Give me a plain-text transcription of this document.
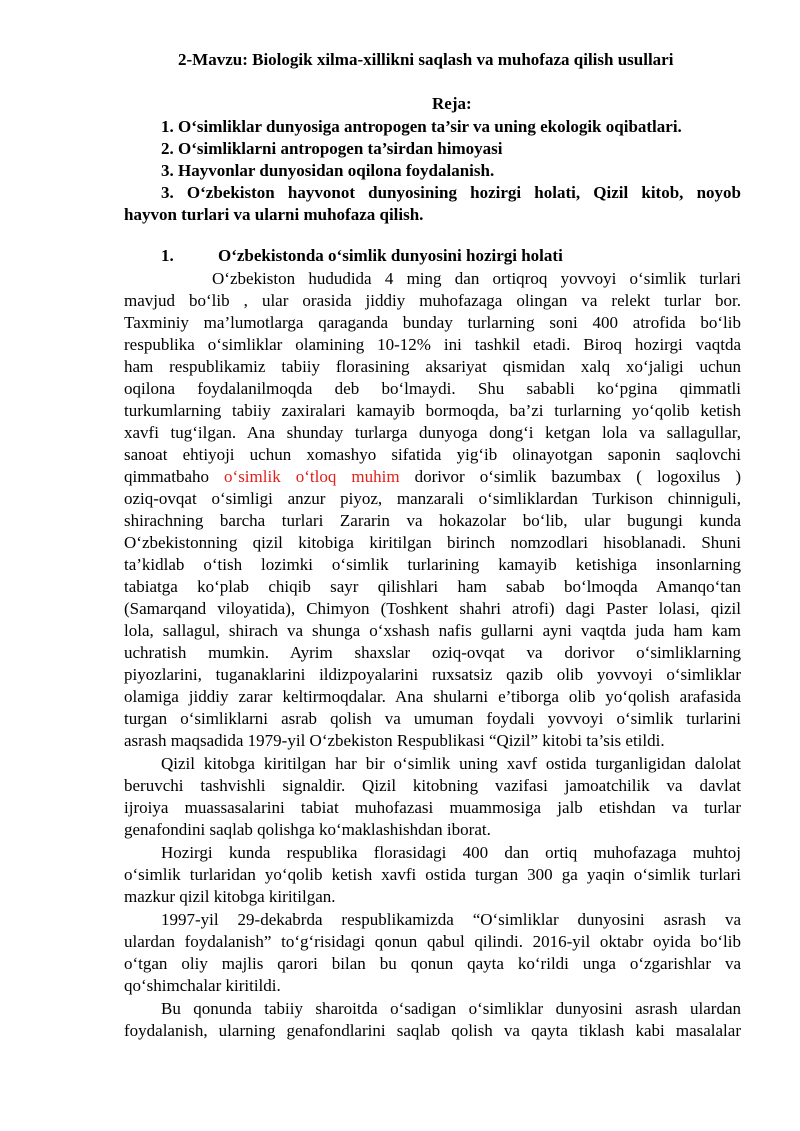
2-Mavzu: Biologik xilma-xillikni saqlash va muhofaza qilish usullari
Reja:
1. O‘simliklar dunyosiga antropogen ta’sir va uning ekologik oqibatlari.
2. O‘simliklarni antropogen ta’sirdan himoyasi
3. Hayvonlar dunyosidan oqilona foydalanish.
3. O‘zbekiston hayvonot dunyosining hozirgi holati, Qizil kitob, noyob
hayvon turlari va ularni muhofaza qilish.
1.	O‘zbekistonda o‘simlik dunyosini hozirgi holati
O‘zbekiston hududida 4 ming dan ortiqroq yovvoyi o‘simlik turlari
mavjud bo‘lib , ular orasida jiddiy muhofazaga olingan va relekt turlar bor.
Taxminiy ma’lumotlarga qaraganda bunday turlarning soni 400 atrofida bo‘lib
respublika o‘simliklar olamining 10-12% ini tashkil etadi. Biroq hozirgi vaqtda
ham respublikamiz tabiiy florasining aksariyat qismidan xalq xo‘jaligi uchun
oqilona foydalanilmoqda deb bo‘lmaydi. Shu sababli ko‘pgina qimmatli
turkumlarning tabiiy zaxiralari kamayib bormoqda, ba’zi turlarning yo‘qolib ketish
xavfi tug‘ilgan. Ana shunday turlarga dunyoga dong‘i ketgan lola va sallagullar,
sanoat ehtiyoji uchun xomashyo sifatida yig‘ib olinayotgan saponin saqlovchi
qimmatbaho o‘simlik o‘tloq muhim dorivor o‘simlik bazumbax ( logoxilus )
oziq-ovqat o‘simligi anzur piyoz, manzarali o‘simliklardan Turkison chinniguli,
shirachning barcha turlari Zararin va hokazolar bo‘lib, ular bugungi kunda
O‘zbekistonning qizil kitobiga kiritilgan birinch nomzodlari hisoblanadi. Shuni
ta’kidlab o‘tish lozimki o‘simlik turlarining kamayib ketishiga insonlarning
tabiatga ko‘plab chiqib sayr qilishlari ham sabab bo‘lmoqda Amanqo‘tan
(Samarqand viloyatida), Chimyon (Toshkent shahri atrofi) dagi Paster lolasi, qizil
lola, sallagul, shirach va shunga o‘xshash nafis gullarni ayni vaqtda juda ham kam
uchratish mumkin. Ayrim shaxslar oziq-ovqat va dorivor o‘simliklarning
piyozlarini, tuganaklarini ildizpoyalarini ruxsatsiz qazib olib yovvoyi o‘simliklar
olamiga jiddiy zarar keltirmoqdalar. Ana shularni e’tiborga olib yo‘qolish arafasida
turgan o‘simliklarni asrab qolish va umuman foydali yovvoyi o‘simlik turlarini
asrash maqsadida 1979-yil O‘zbekiston Respublikasi “Qizil” kitobi ta’sis etildi.
Qizil kitobga kiritilgan har bir o‘simlik uning xavf ostida turganligidan dalolat
beruvchi tashvishli signaldir. Qizil kitobning vazifasi jamoatchilik va davlat
ijroiya muassasalarini tabiat muhofazasi muammosiga jalb etishdan va turlar
genafondini saqlab qolishga ko‘maklashishdan iborat.
Hozirgi kunda respublika florasidagi 400 dan ortiq muhofazaga muhtoj
o‘simlik turlaridan yo‘qolib ketish xavfi ostida turgan 300 ga yaqin o‘simlik turlari
mazkur qizil kitobga kiritilgan.
1997-yil 29-dekabrda respublikamizda “O‘simliklar dunyosini asrash va
ulardan foydalanish” to‘g‘risidagi qonun qabul qilindi. 2016-yil oktabr oyida bo‘lib
o‘tgan oliy majlis qarori bilan bu qonun qayta ko‘rildi unga o‘zgarishlar va
qo‘shimchalar kiritildi.
Bu qonunda tabiiy sharoitda o‘sadigan o‘simliklar dunyosini asrash ulardan
foydalanish, ularning genafondlarini saqlab qolish va qayta tiklash kabi masalalar
